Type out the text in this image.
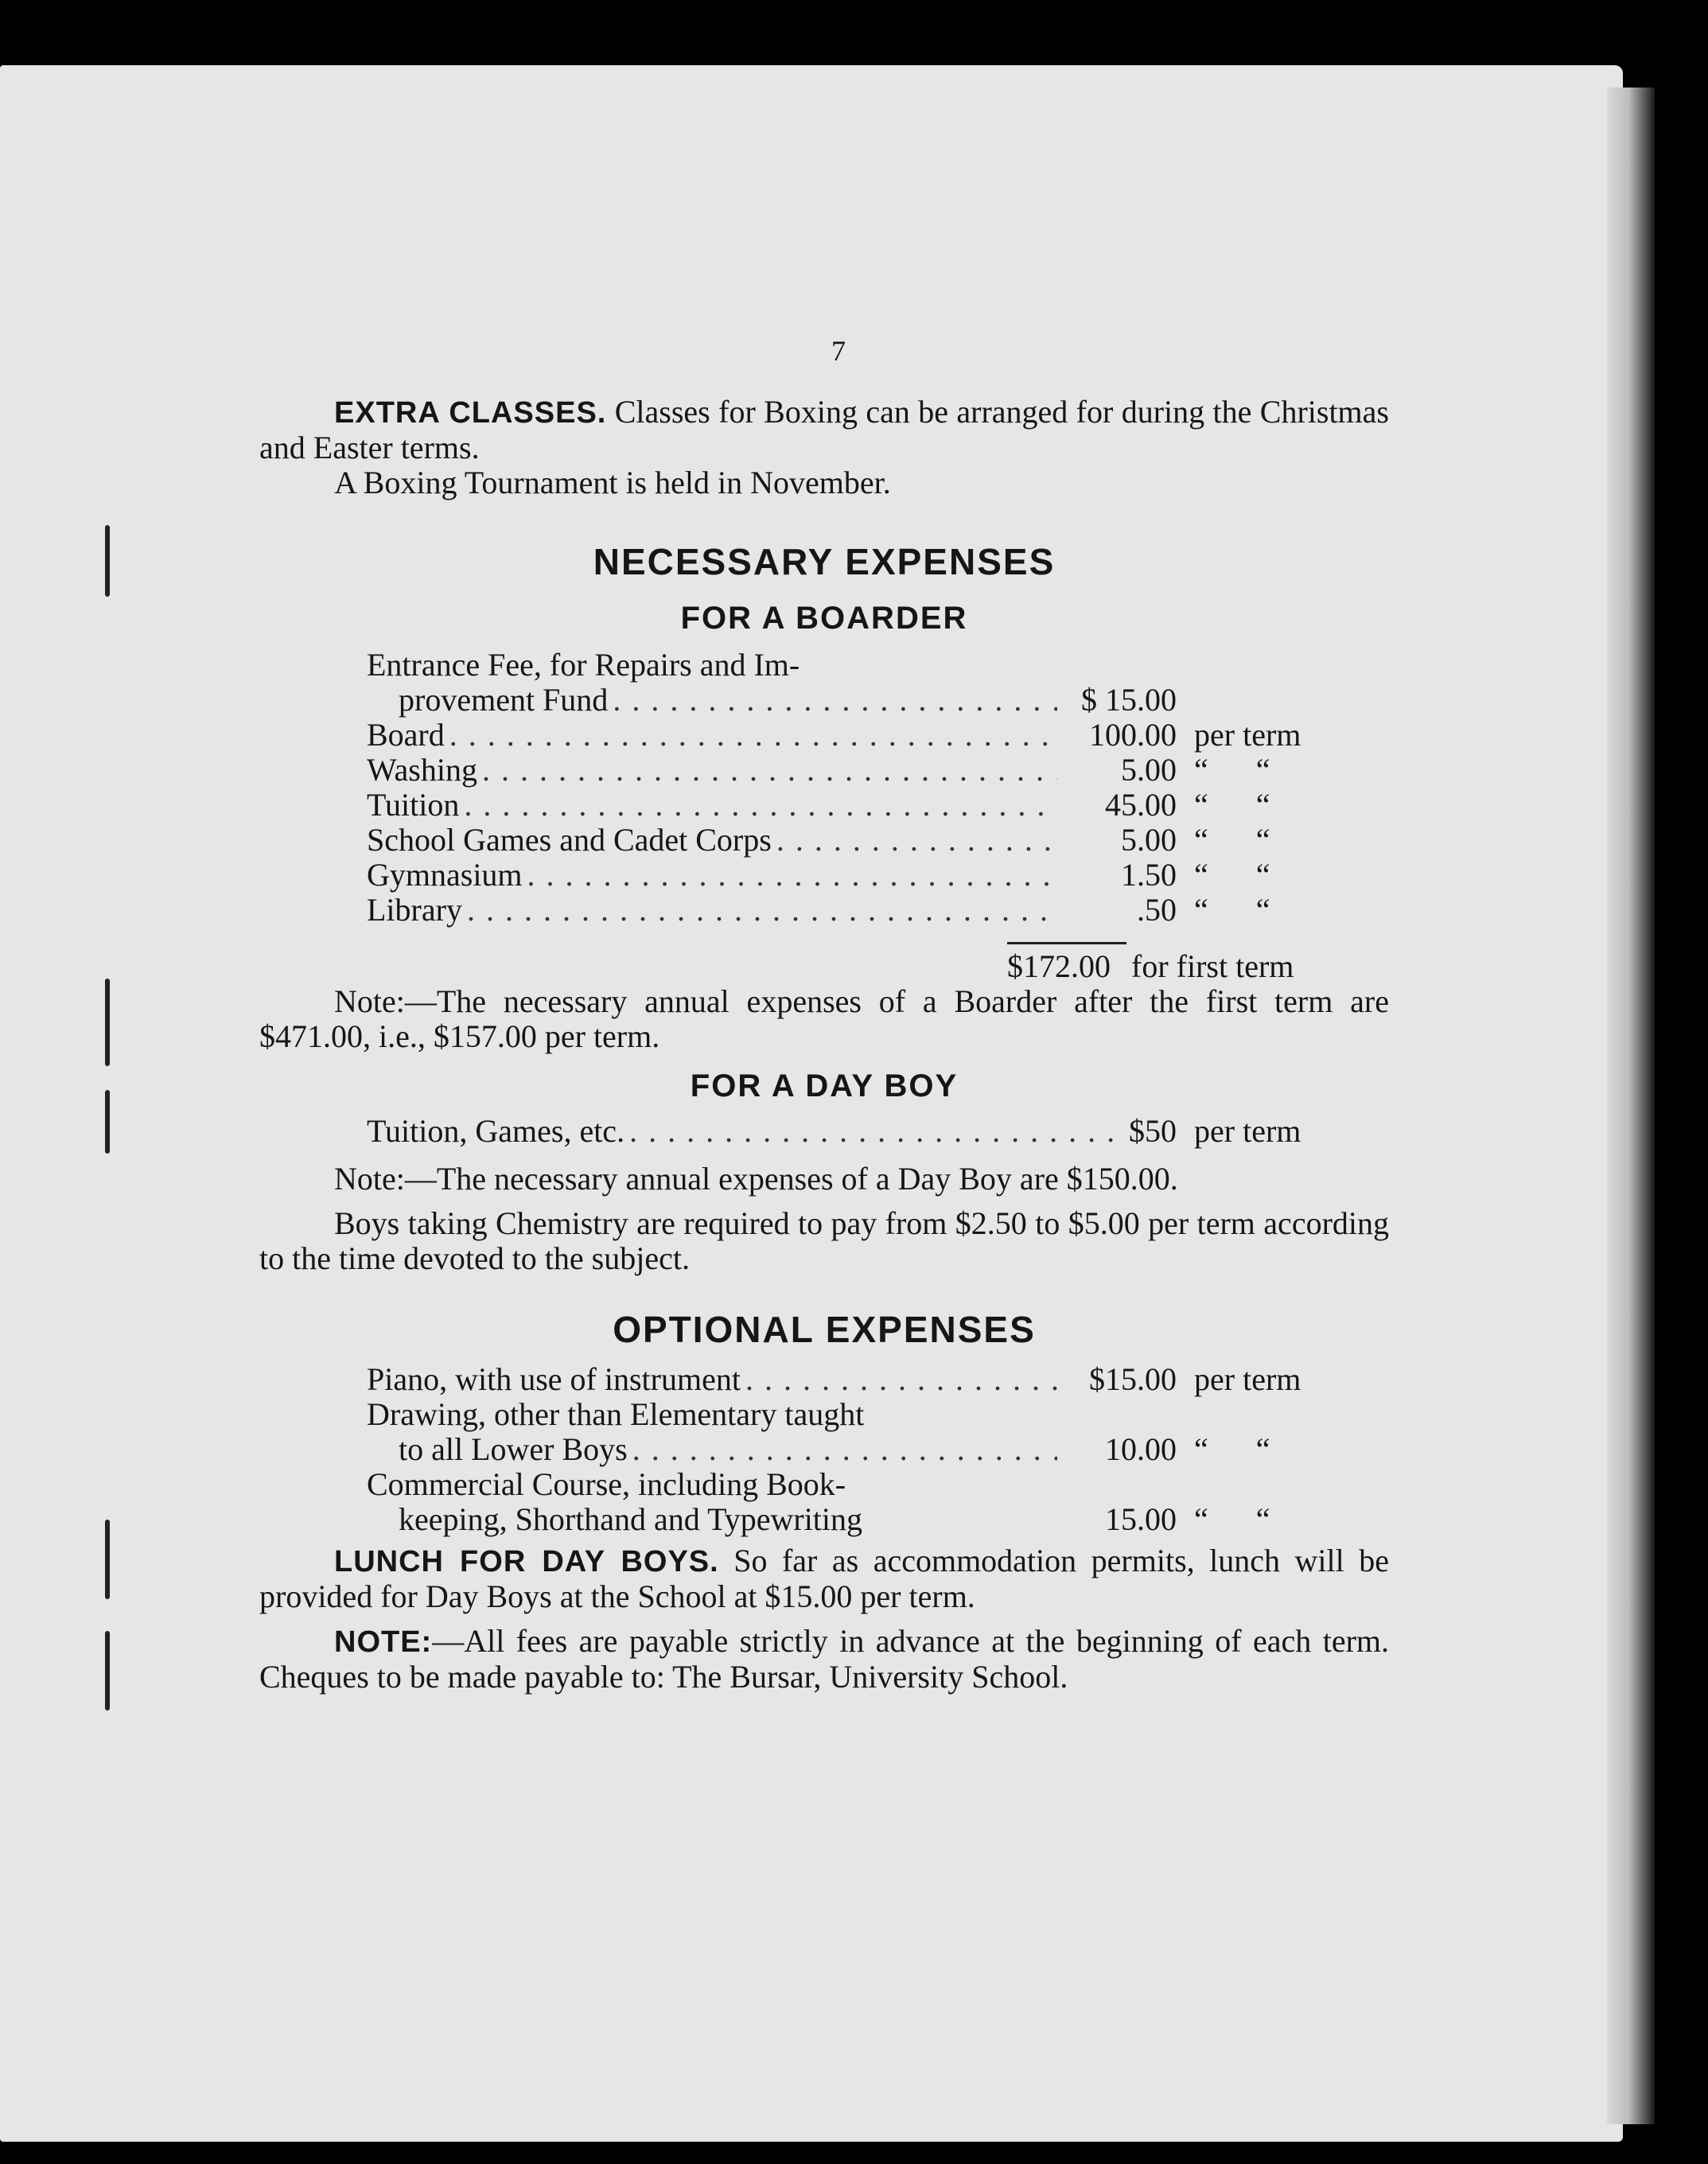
7

EXTRA CLASSES. Classes for Boxing can be arranged for during the Christmas and Easter terms.

A Boxing Tournament is held in November.

NECESSARY EXPENSES
FOR A BOARDER
Entrance Fee, for Repairs and Im-
provement Fund . . .	$ 15.00
Board . . .	100.00 per term
Washing . . .	5.00 “      “
Tuition . . .	45.00 “      “
School Games and Cadet Corps . . .	5.00 “      “
Gymnasium . . .	1.50 “      “
Library . . .	.50 “      “
$172.00 for first term

Note:—The necessary annual expenses of a Boarder after the first term are $471.00, i.e., $157.00 per term.

FOR A DAY BOY
Tuition, Games, etc. . . .	$50 per term

Note:—The necessary annual expenses of a Day Boy are $150.00.

Boys taking Chemistry are required to pay from $2.50 to $5.00 per term according to the time devoted to the subject.

OPTIONAL EXPENSES
Piano, with use of instrument . . .	$15.00 per term
Drawing, other than Elementary taught
to all Lower Boys . . .	10.00 “      “
Commercial Course, including Book-
keeping, Shorthand and Typewriting	15.00 “      “

LUNCH FOR DAY BOYS. So far as accommodation permits, lunch will be provided for Day Boys at the School at $15.00 per term.

NOTE:—All fees are payable strictly in advance at the beginning of each term. Cheques to be made payable to: The Bursar, University School.
